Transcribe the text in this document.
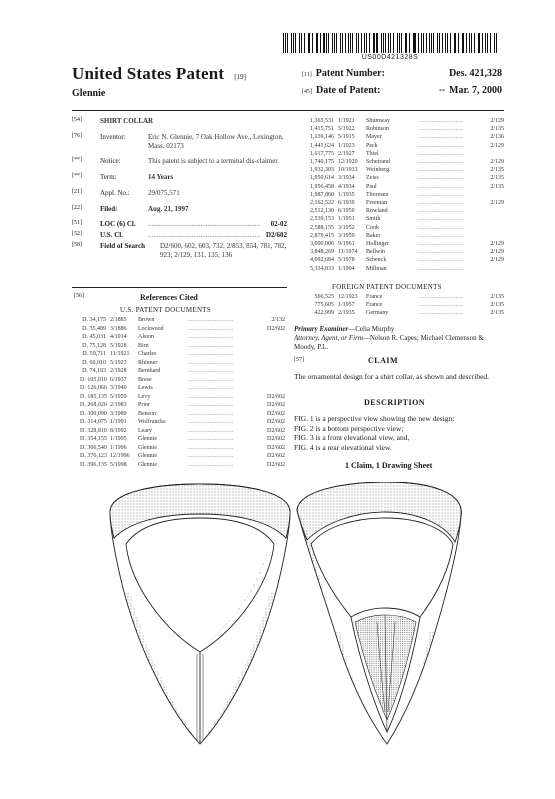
US00D421328S
United States Patent [19]
Glennie
[11] Patent Number:	Des. 421,328
[45] Date of Patent:	** Mar. 7, 2000
[54]	SHIRT COLLAR
[76]	Inventor:	Eric N. Glennie, 7 Oak Hollow Ave., Lexington, Mass. 02173
[**]	Notice:	This patent is subject to a terminal dis-claimer.
[**]	Term:	14 Years
[21]	Appl. No.:	29/075,571
[22]	Filed:	Aug. 21, 1997
[51]	LOC (6) Cl.	................................................................	02-02
[52]	U.S. Cl.	................................................................ D2/602
[58]	Field of Search	D2/600, 602, 603, 732; 2/853, 854, 781, 782, 923; 2/129, 131, 135, 136
[56]	References Cited
U.S. PATENT DOCUMENTS
D. 34,175 2/1885	Brown	..............................	2/132
D. 35,489 3/1886	Lockwood	..............................	D2/602
D. 45,031 4/1914	Alston	..............................
D. 75,128 5/1928	Birn	..............................
D. 59,711 11/1921	Charles	..............................
D. 60,010 5/1923	Rhinner	..............................
D. 74,193 2/1928	Bernhard	..............................
D. 105,010 6/1937	Brese	..............................
D. 126,066 3/1940	Lewis	..............................
D. 185,135 5/1959	Levy	..............................	D2/602
D. 268,026 2/1983	Prior	..............................	D2/602
D. 300,090 3/1989	Benson	..............................	D2/602
D. 314,075 1/1991	Wolfrancks	..............................	D2/602
D. 328,810 8/1992	Leary	..............................	D2/602
D. 354,155 1/1995	Glennie	..............................	D2/602
D. 366,549 1/1996	Glennie	..............................	D2/602
D. 376,123 12/1996	Glennie	..............................	D2/602
D. 396,135 5/1998	Glennie	..............................	D2/602
1,365,531 1/1921	Shumway	..............................	2/129
1,415,751 5/1922	Robinson	..............................	2/135
1,139,146 5/1915	Mayer	..............................	2/136
1,441,624 1/1923	Peck	..............................	2/129
1,617,775 2/1927	Thiel	..............................
1,740,175 12/1929	Schetrand	..............................	2/129
1,932,303 10/1933	Weinberg	..............................	2/135
1,950,614 3/1934	Zeiss	..............................	2/135
1,956,458 4/1934	Paul	..............................	2/135
1,987,860 1/1935	Thoresen	..............................
2,162,522 6/1939	Freeman	..............................	2/129
2,512,130 6/1950	Rowland	..............................
2,539,153 1/1951	Smith	..............................
2,588,155 3/1952	Cook	..............................
2,879,415 3/1959	Baker	..............................
3,000,006 9/1961	Hollinger	..............................	2/129
3,848,269 11/1974	Bellwin	..............................	2/129
4,092,684 5/1978	Schenck	..............................	2/129
5,334,833 1/1994	Millman	..............................
FOREIGN PATENT DOCUMENTS
566,525 12/1923	France	..............................	2/135
775,605 1/1957	France	..............................	2/135
422,999 2/1935	Germany	..............................	2/135
Primary Examiner—Celia Murphy
Attorney, Agent, or Firm—Nelson R. Capes; Michael Clemenson & Moody, P.L.
[57]	CLAIM
The ornamental design for a shirt collar, as shown and described.
DESCRIPTION
FIG. 1 is a perspective view showing the new design;
FIG. 2 is a bottom perspective view;
FIG. 3 is a front elevational view, and,
FIG. 4 is a rear elevational view.
1 Claim, 1 Drawing Sheet
